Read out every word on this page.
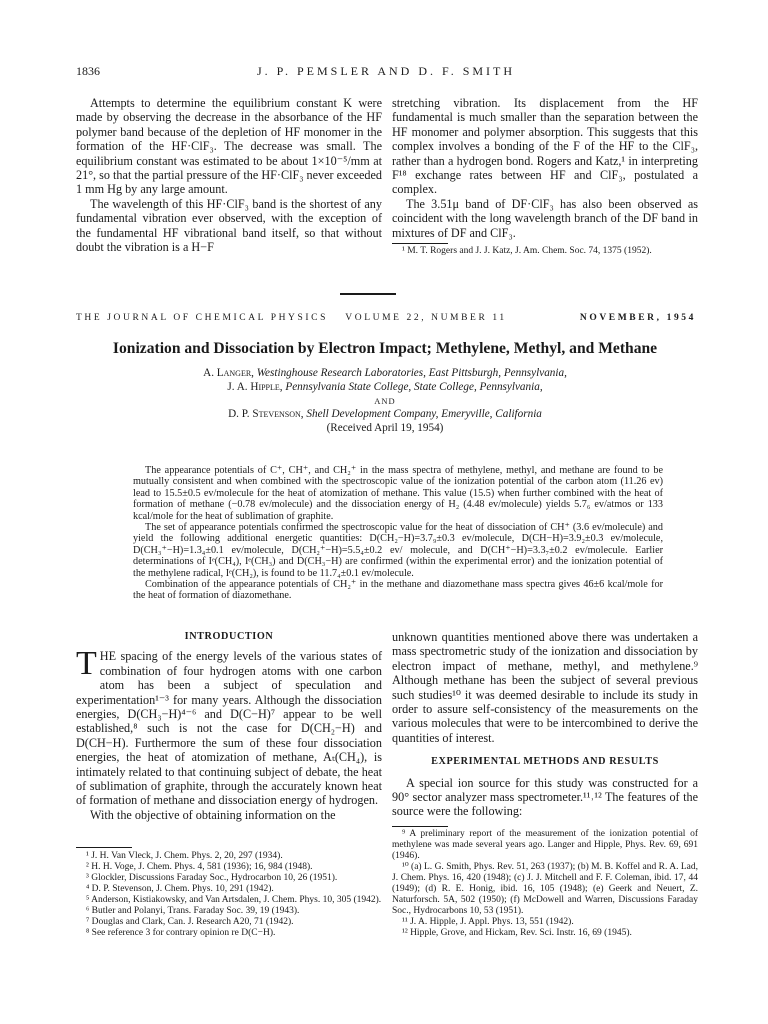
1836	J. P. PEMSLER AND D. F. SMITH

Attempts to determine the equilibrium constant K were made by observing the decrease in the absorbance of the HF polymer band because of the depletion of HF monomer in the formation of the HF·ClF₃. The decrease was small. The equilibrium constant was estimated to be about 1×10⁻⁵/mm at 21°, so that the partial pressure of the HF·ClF₃ never exceeded 1 mm Hg by any large amount.

The wavelength of this HF·ClF₃ band is the shortest of any fundamental vibration ever observed, with the exception of the fundamental HF vibrational band itself, so that without doubt the vibration is a H−F

stretching vibration. Its displacement from the HF fundamental is much smaller than the separation between the HF monomer and polymer absorption. This suggests that this complex involves a bonding of the F of the HF to the ClF₃, rather than a hydrogen bond. Rogers and Katz,¹ in interpreting F¹⁸ exchange rates between HF and ClF₃, postulated a complex.

The 3.51μ band of DF·ClF₃ has also been observed as coincident with the long wavelength branch of the DF band in mixtures of DF and ClF₃.

¹ M. T. Rogers and J. J. Katz, J. Am. Chem. Soc. 74, 1375 (1952).

THE JOURNAL OF CHEMICAL PHYSICS	VOLUME 22, NUMBER 11	NOVEMBER, 1954
Ionization and Dissociation by Electron Impact; Methylene, Methyl, and Methane
A. Langer, Westinghouse Research Laboratories, East Pittsburgh, Pennsylvania,
J. A. Hipple, Pennsylvania State College, State College, Pennsylvania,
AND
D. P. Stevenson, Shell Development Company, Emeryville, California
(Received April 19, 1954)

The appearance potentials of C⁺, CH⁺, and CH₂⁺ in the mass spectra of methylene, methyl, and methane are found to be mutually consistent and when combined with the spectroscopic value of the ionization potential of the carbon atom (11.26 ev) lead to 15.5±0.5 ev/molecule for the heat of atomization of methane. This value (15.5) when further combined with the heat of formation of methane (−0.78 ev/molecule) and the dissociation energy of H₂ (4.48 ev/molecule) yields 5.7₆ ev/atmos or 133 kcal/mole for the heat of sublimation of graphite.

The set of appearance potentials confirmed the spectroscopic value for the heat of dissociation of CH⁺ (3.6 ev/molecule) and yield the following additional energetic quantities: D(CH₂−H)=3.7₉±0.3 ev/molecule, D(CH−H)=3.9₂±0.3 ev/molecule, D(CH₃⁺−H)=1.3₄±0.1 ev/molecule, D(CH₂⁺−H)=5.5₄±0.2 ev/ molecule, and D(CH⁺−H)=3.3₇±0.2 ev/molecule. Earlier determinations of Iᵉ(CH₄), Iᵉ(CH₃) and D(CH₃−H) are confirmed (within the experimental error) and the ionization potential of the methylene radical, Iᵉ(CH₂), is found to be 11.7₄±0.1 ev/molecule.

Combination of the appearance potentials of CH₂⁺ in the methane and diazomethane mass spectra gives 46±6 kcal/mole for the heat of formation of diazomethane.

INTRODUCTION

THE spacing of the energy levels of the various states of combination of four hydrogen atoms with one carbon atom has been a subject of speculation and experimentation¹⁻³ for many years. Although the dissociation energies, D(CH₃−H)⁴⁻⁶ and D(C−H)⁷ appear to be well established,⁸ such is not the case for D(CH₂−H) and D(CH−H). Furthermore the sum of these four dissociation energies, the heat of atomization of methane, Aₜ(CH₄), is intimately related to that continuing subject of debate, the heat of sublimation of graphite, through the accurately known heat of formation of methane and dissociation energy of hydrogen.

With the objective of obtaining information on the

¹ J. H. Van Vleck, J. Chem. Phys. 2, 20, 297 (1934).

² H. H. Voge, J. Chem. Phys. 4, 581 (1936); 16, 984 (1948).

³ Glockler, Discussions Faraday Soc., Hydrocarbon 10, 26 (1951).

⁴ D. P. Stevenson, J. Chem. Phys. 10, 291 (1942).

⁵ Anderson, Kistiakowsky, and Van Artsdalen, J. Chem. Phys. 10, 305 (1942).

⁶ Butler and Polanyi, Trans. Faraday Soc. 39, 19 (1943).

⁷ Douglas and Clark, Can. J. Research A20, 71 (1942).

⁸ See reference 3 for contrary opinion re D(C−H).

unknown quantities mentioned above there was undertaken a mass spectrometric study of the ionization and dissociation by electron impact of methane, methyl, and methylene.⁹ Although methane has been the subject of several previous such studies¹⁰ it was deemed desirable to include its study in order to assure self-consistency of the measurements on the various molecules that were to be intercombined to derive the quantities of interest.

EXPERIMENTAL METHODS AND RESULTS

A special ion source for this study was constructed for a 90° sector analyzer mass spectrometer.¹¹˒¹² The features of the source were the following:

⁹ A preliminary report of the measurement of the ionization potential of methylene was made several years ago. Langer and Hipple, Phys. Rev. 69, 691 (1946).

¹⁰ (a) L. G. Smith, Phys. Rev. 51, 263 (1937); (b) M. B. Koffel and R. A. Lad, J. Chem. Phys. 16, 420 (1948); (c) J. J. Mitchell and F. F. Coleman, ibid. 17, 44 (1949); (d) R. E. Honig, ibid. 16, 105 (1948); (e) Geerk and Neuert, Z. Naturforsch. 5A, 502 (1950); (f) McDowell and Warren, Discussions Faraday Soc., Hydrocarbons 10, 53 (1951).

¹¹ J. A. Hipple, J. Appl. Phys. 13, 551 (1942).

¹² Hipple, Grove, and Hickam, Rev. Sci. Instr. 16, 69 (1945).
